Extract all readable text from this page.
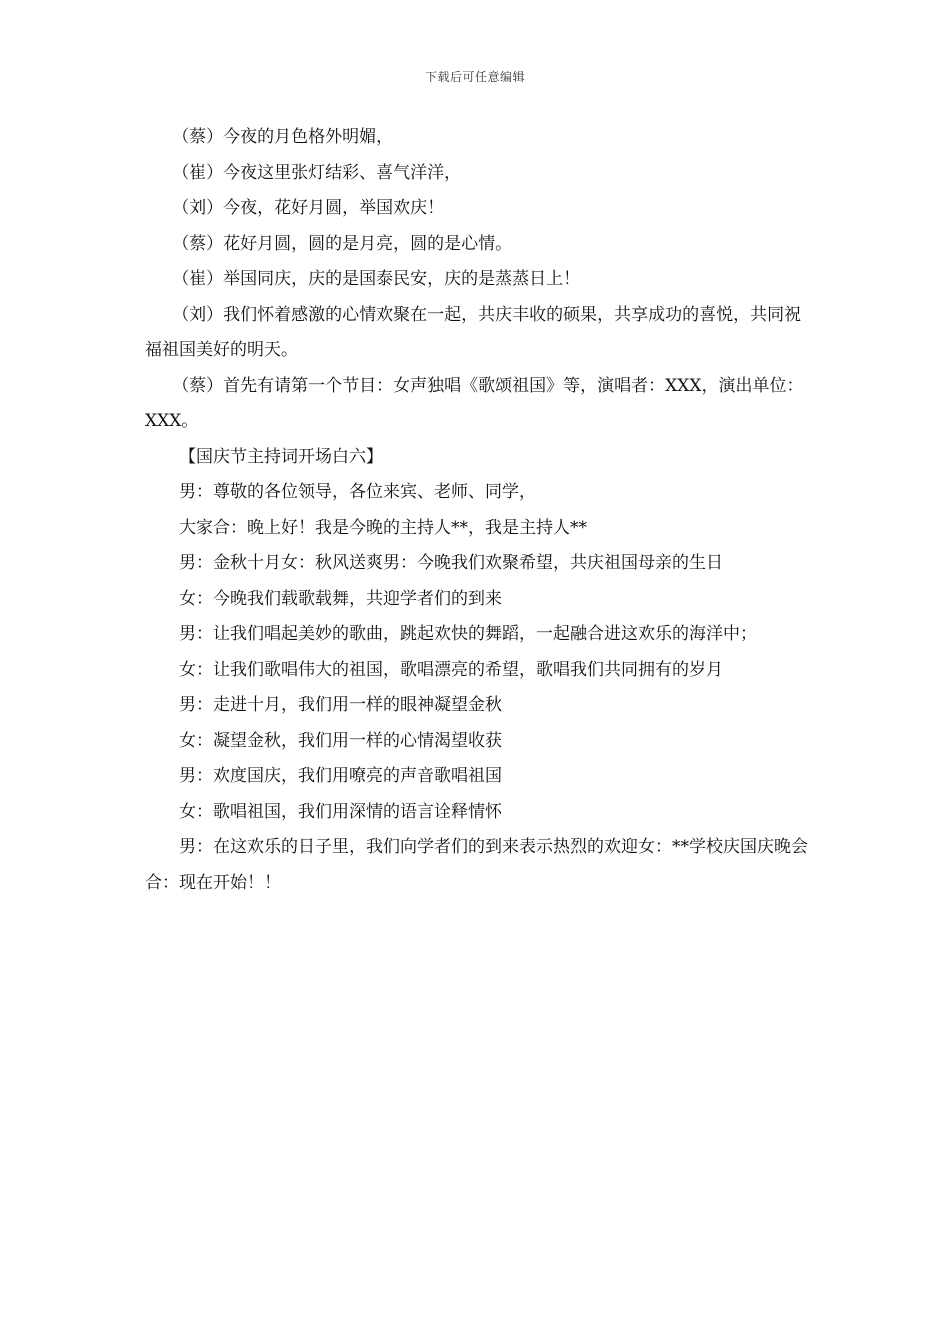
下载后可任意编辑

（蔡）今夜的月色格外明媚，

（崔）今夜这里张灯结彩、喜气洋洋，

（刘）今夜，花好月圆，举国欢庆！

（蔡）花好月圆，圆的是月亮，圆的是心情。

（崔）举国同庆，庆的是国泰民安，庆的是蒸蒸日上！

（刘）我们怀着感激的心情欢聚在一起，共庆丰收的硕果，共享成功的喜悦，共同祝福祖国美好的明天。

（蔡）首先有请第一个节目：女声独唱《歌颂祖国》等，演唱者：XXX，演出单位：XXX。

【国庆节主持词开场白六】

男：尊敬的各位领导，各位来宾、老师、同学，

大家合：晚上好！我是今晚的主持人**，我是主持人**

男：金秋十月女：秋风送爽男：今晚我们欢聚希望，共庆祖国母亲的生日

女：今晚我们载歌载舞，共迎学者们的到来

男：让我们唱起美妙的歌曲，跳起欢快的舞蹈，一起融合进这欢乐的海洋中；

女：让我们歌唱伟大的祖国，歌唱漂亮的希望，歌唱我们共同拥有的岁月

男：走进十月，我们用一样的眼神凝望金秋

女：凝望金秋，我们用一样的心情渴望收获

男：欢度国庆，我们用嘹亮的声音歌唱祖国

女：歌唱祖国，我们用深情的语言诠释情怀

男：在这欢乐的日子里，我们向学者们的到来表示热烈的欢迎女：**学校庆国庆晚会合：现在开始！！
